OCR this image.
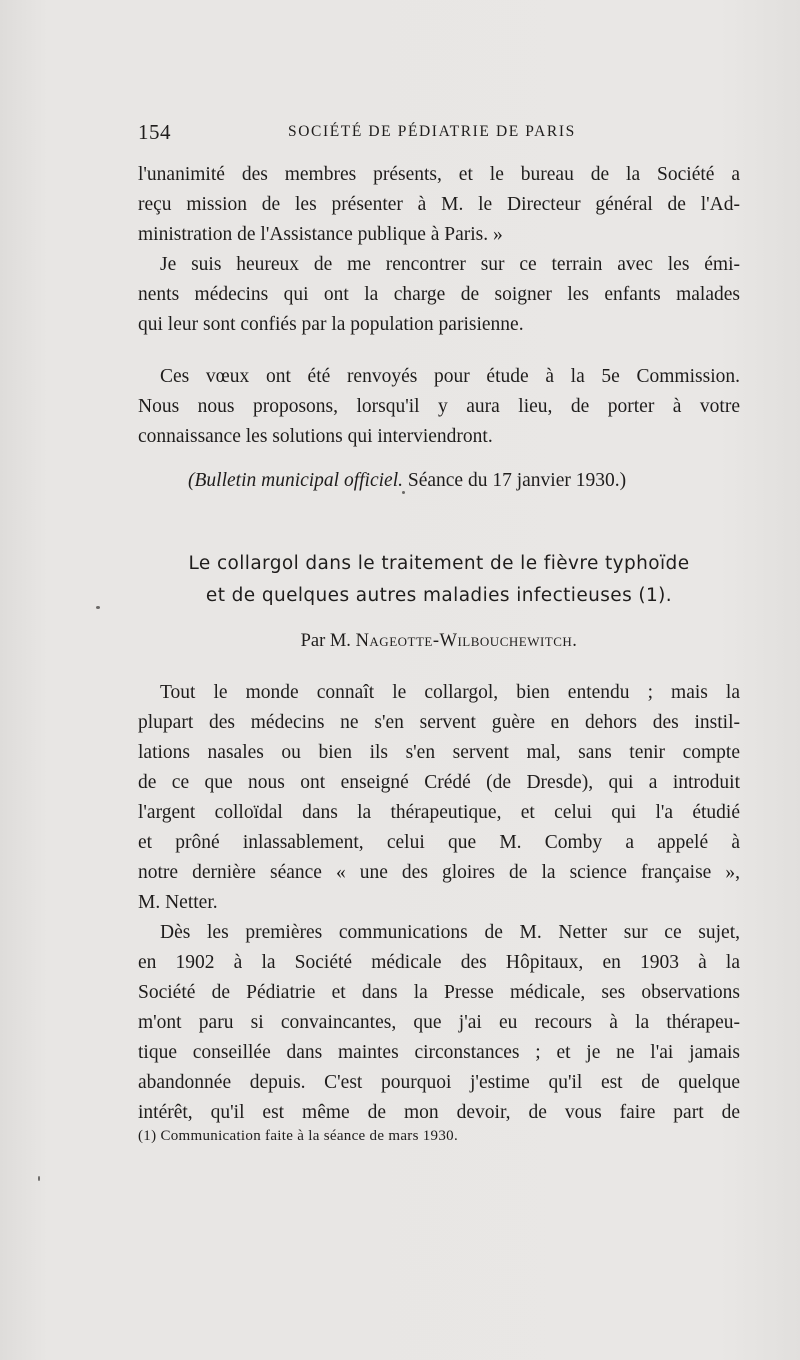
154	SOCIÉTÉ DE PÉDIATRIE DE PARIS
l'unanimité des membres présents, et le bureau de la Société a
reçu mission de les présenter à M. le Directeur général de l'Ad-
ministration de l'Assistance publique à Paris. »
Je suis heureux de me rencontrer sur ce terrain avec les émi-
nents médecins qui ont la charge de soigner les enfants malades
qui leur sont confiés par la population parisienne.
Ces vœux ont été renvoyés pour étude à la 5e Commission.
Nous nous proposons, lorsqu'il y aura lieu, de porter à votre
connaissance les solutions qui interviendront.
(Bulletin municipal officiel. Séance du 17 janvier 1930.)
Le collargol dans le traitement de le fièvre typhoïde
et de quelques autres maladies infectieuses (1).
Par M. Nageotte-Wilbouchewitch.
Tout le monde connaît le collargol, bien entendu ; mais la
plupart des médecins ne s'en servent guère en dehors des instil-
lations nasales ou bien ils s'en servent mal, sans tenir compte
de ce que nous ont enseigné Crédé (de Dresde), qui a introduit
l'argent colloïdal dans la thérapeutique, et celui qui l'a étudié
et prôné inlassablement, celui que M. Comby a appelé à
notre dernière séance « une des gloires de la science française »,
M. Netter.
Dès les premières communications de M. Netter sur ce sujet,
en 1902 à la Société médicale des Hôpitaux, en 1903 à la
Société de Pédiatrie et dans la Presse médicale, ses observations
m'ont paru si convaincantes, que j'ai eu recours à la thérapeu-
tique conseillée dans maintes circonstances ; et je ne l'ai jamais
abandonnée depuis. C'est pourquoi j'estime qu'il est de quelque
intérêt, qu'il est même de mon devoir, de vous faire part de
(1) Communication faite à la séance de mars 1930.
